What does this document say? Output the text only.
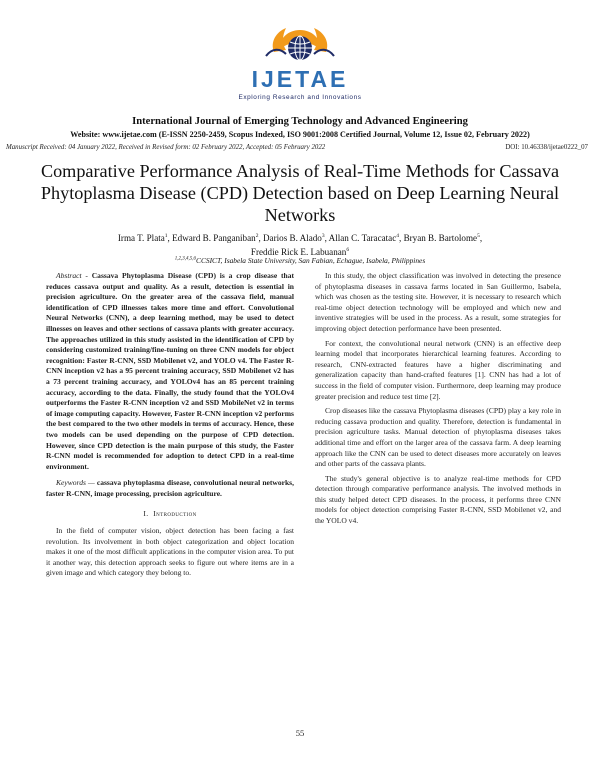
IJETAE
Exploring Research and Innovations
International Journal of Emerging Technology and Advanced Engineering
Website: www.ijetae.com (E-ISSN 2250-2459, Scopus Indexed, ISO 9001:2008 Certified Journal, Volume 12, Issue 02, February 2022)
Manuscript Received: 04 January 2022, Received in Revised form: 02 February 2022, Accepted: 05 February 2022	DOI: 10.46338/ijetae0222_07
Comparative Performance Analysis of Real-Time Methods for Cassava Phytoplasma Disease (CPD) Detection based on Deep Learning Neural Networks
Irma T. Plata$^1$, Edward B. Panganiban$^2$, Darios B. Alado$^3$, Allan C. Taracatac$^4$, Bryan B. Bartolome$^5$,
Freddie Rick E. Labuanan$^6$
$^{1,2,3,4,5,6}$CCSICT, Isabela State University, San Fabian, Echague, Isabela, Philippines

Abstract - Cassava Phytoplasma Disease (CPD) is a crop disease that reduces cassava output and quality. As a result, detection is essential in precision agriculture. On the greater area of the cassava field, manual identification of CPD illnesses takes more time and effort. Convolutional Neural Networks (CNN), a deep learning method, may be used to detect illnesses on leaves and other sections of cassava plants with greater accuracy. The approaches utilized in this study assisted in the identification of CPD by considering customized training/fine-tuning on three CNN models for object recognition: Faster R-CNN, SSD Mobilenet v2, and YOLO v4. The Faster R-CNN inception v2 has a 95 percent training accuracy, SSD Mobilenet v2 has a 73 percent training accuracy, and YOLOv4 has an 85 percent training accuracy, according to the data. Finally, the study found that the YOLOv4 outperforms the Faster R-CNN inception v2 and SSD MobileNet v2 in terms of image computing capacity. However, Faster R-CNN inception v2 performs the best compared to the two other models in terms of accuracy. Hence, these two models can be used depending on the purpose of CPD detection. However, since CPD detection is the main purpose of this study, the Faster R-CNN model is recommended for adoption to detect CPD in a real-time environment.

Keywords — cassava phytoplasma disease, convolutional neural networks, faster R-CNN, image processing, precision agriculture.

I. Introduction

In the field of computer vision, object detection has been facing a fast revolution. Its involvement in both object categorization and object location makes it one of the most difficult applications in the computer vision area. To put it another way, this detection approach seeks to figure out where items are in a given image and which category they belong to.

In this study, the object classification was involved in detecting the presence of phytoplasma diseases in cassava farms located in San Guillermo, Isabela, which was chosen as the testing site. However, it is necessary to research which real-time object detection technology will be employed and which new and inventive strategies will be used in the process. As a result, some strategies for improving object detection performance have been presented.

For context, the convolutional neural network (CNN) is an effective deep learning model that incorporates hierarchical learning features. According to research, CNN-extracted features have a higher discriminating and generalization capacity than hand-crafted features [1]. CNN has had a lot of success in the field of computer vision. Furthermore, deep learning may produce greater precision and reduce test time [2].

Crop diseases like the cassava Phytoplasma diseases (CPD) play a key role in reducing cassava production and quality. Therefore, detection is fundamental in precision agriculture tasks. Manual detection of phytoplasma diseases takes additional time and effort on the larger area of the cassava farm. A deep learning approach like the CNN can be used to detect diseases more accurately on leaves and other parts of the cassava plants.

The study's general objective is to analyze real-time methods for CPD detection through comparative performance analysis. The involved methods in this study helped detect CPD diseases. In the process, it performs three CNN models for object detection comprising Faster R-CNN, SSD Mobilenet v2, and the YOLO v4.

55
